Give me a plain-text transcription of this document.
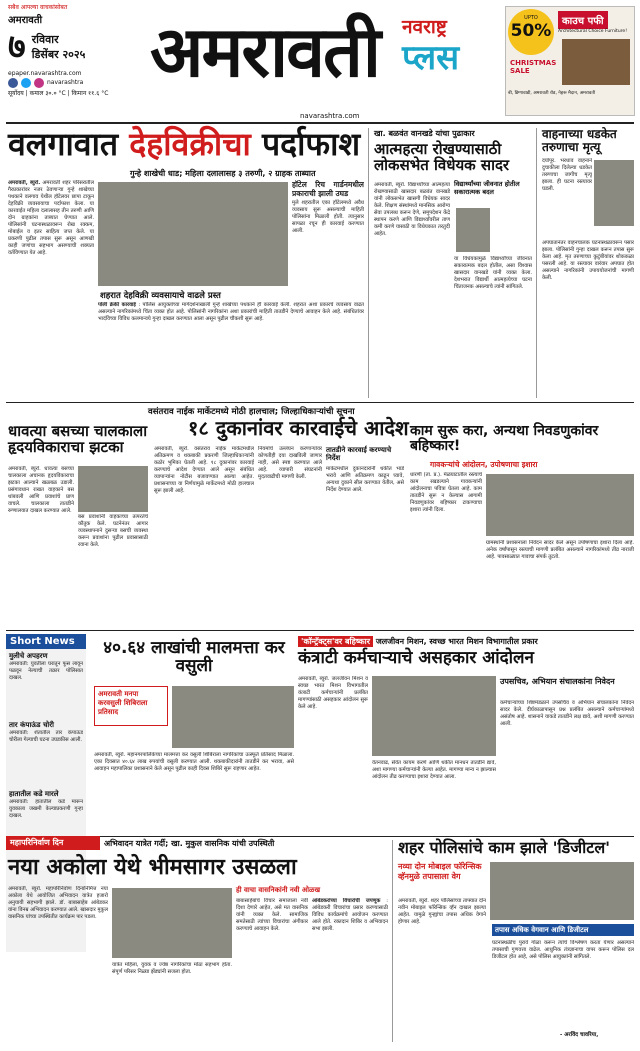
सबैव आपल्या वाचकांसोबत
अमरावती
७ रविवार
डिसेंबर २०२५
epaper.navarashtra.com
navarashtra
सूर्योदय | कमाल ३०.० °C | किमान ११.६ °C
अमरावती	नवराष्ट्र
प्लस
UPTO
50%	काउच पफी
Architectural Choice Furniture!
CHRISTMAS SALE
बी, डिग्गावाडी, अमरावती रोड, नेहरू मैदान, अमरावती
navarashtra.com
वलगावात देहविक्रीचा पर्दाफाश
गुन्हे शाखेची धाड; महिला दलालासह ३ तरुणी, २ ग्राहक ताब्यात
अमरावती, ब्युरो. अमरावती शहर परिसरातील गैरप्रकारांवर नजर ठेवणाऱ्या गुन्हे शाखेच्या पथकाने वलगाव येथील हॉटेलवर छापा टाकून देहविक्री व्यवसायाचा पर्दाफाश केला. या कारवाईत महिला दलालासह तीन तरुणी आणि दोन ग्राहकांना ताब्यात घेण्यात आले. पोलिसांनी घटनास्थळावरून रोख रक्कम, मोबाईल व इतर साहित्य जप्त केले. या प्रकरणी पुढील तपास सुरू असून आणखी काही जणांचा सहभाग असण्याची शक्यता वर्तविण्यात येत आहे.
हॉटेल रिच गार्डनमधील प्रकाराची झाली उघड
मुले शहरातील एका हॉटेलमध्ये अवैध व्यवसाय सुरू असल्याची माहिती पोलिसांना मिळाली होती. त्यानुसार सापळा रचून ही कारवाई करण्यात आली.
शहरात देहविक्री व्यवसायाचे वाढले प्रस्त
पोली क्रेकी कारवाई : पोलिस आयुक्तांच्या मार्गदर्शनाखाली गुन्हे शाखेच्या पथकाने ही कारवाई केली. शहरात अशा प्रकारचे व्यवसाय वाढत असल्याने नागरिकांमध्ये चिंता व्यक्त होत आहे. पोलिसांनी नागरिकांना अशा प्रकारांची माहिती तातडीने देण्याचे आवाहन केले आहे. संबंधितांवर भादंविच्या विविध कलमान्वये गुन्हा दाखल करण्यात आला असून पुढील चौकशी सुरू आहे.
खा. बळवंत वानखडे यांचा पुढाकार
आत्महत्या रोखण्यासाठी लोकसभेत विधेयक सादर
अमरावती, ब्युरो. विद्यार्थ्यांच्या आत्महत्या रोखण्यासाठी खासदार बळवंत वानखडे यांनी लोकसभेत खासगी विधेयक सादर केले. शिक्षण संस्थांमध्ये मानसिक आरोग्य सेवा उपलब्ध करून देणे, समुपदेशन केंद्रे स्थापन करणे आणि विद्यार्थ्यांवरील ताण कमी करणे यासाठी या विधेयकात तरतुदी आहेत.
विद्यार्थ्यांच्या जीवनात होतील सकारात्मक बदल
या विधेयकामुळे विद्यार्थ्यांच्या जीवनात सकारात्मक बदल होतील, असा विश्वास खासदार वानखडे यांनी व्यक्त केला. देशभरात विद्यार्थी आत्महत्येच्या घटना चिंताजनक असल्याचे त्यांनी सांगितले.
वाहनाच्या धडकेत तरुणाचा मृत्यू
दर्यापूर. भरधाव वाहनाने दुचाकीला दिलेल्या धडकेत तरुणाचा जागीच मृत्यू झाला. ही घटना रस्त्यावर घडली.
अपघातानंतर वाहनचालक घटनास्थळावरून पसार झाला. पोलिसांनी गुन्हा दाखल करून तपास सुरू केला आहे. मृत तरुणाच्या कुटुंबीयांवर शोककळा पसरली आहे. या रस्त्यावर वारंवार अपघात होत असल्याने नागरिकांनी उपाययोजनांची मागणी केली.
वसंतराव नाईक मार्केटमध्ये मोठी हालचाल; जिल्हाधिकाऱ्यांची सूचना
१८ दुकानांवर कारवाईचे आदेश
धावत्या बसच्या चालकाला हृदयविकाराचा झटका
अमरावती, ब्युरो. धावत्या बसच्या चालकाला अचानक हृदयविकाराचा झटका आल्याने खळबळ उडाली. प्रसंगावधान राखत वाहकाने बस थांबवली आणि प्रवाशांचे प्राण वाचले. चालकाला तातडीने रुग्णालयात दाखल करण्यात आले.
बस प्रवाशांनी वाहकाच्या तत्परतेचे कौतुक केले. घटनेनंतर आगार व्यवस्थापनाने दुसऱ्या बसची व्यवस्था करून प्रवाशांना पुढील प्रवासासाठी रवाना केले.
अमरावती, ब्युरो. वसंतराव नाईक मार्केटमधील अतिक्रमण व थकबाकी प्रकरणी जिल्हाधिकाऱ्यांनी कठोर भूमिका घेतली आहे. १८ दुकानांवर कारवाई करण्याचे आदेश देण्यात आले असून संबंधित व्यापाऱ्यांना नोटीस बजावण्यात आल्या आहेत. प्रशासनाच्या या निर्णयामुळे मार्केटमध्ये मोठी हालचाल सुरू झाली आहे.
नियमांचे उल्लंघन करणाऱ्यांवर कोणतीही दया दाखविली जाणार नाही, असे स्पष्ट करण्यात आले आहे. व्यापारी संघटनांनी मुदतवाढीची मागणी केली.
तातडीने कारवाई करण्याचे निर्देश
मार्केटमधील दुकानदारांनी थकीत भाडे भरावे आणि अतिक्रमण काढून घ्यावे, अन्यथा दुकाने सील करण्यात येतील, असे निर्देश देण्यात आले.
काम सुरू करा, अन्यथा निवडणुकांवर बहिष्कार!
गावकऱ्यांचे आंदोलन, उपोषणाचा इशारा
धारणी (ता. प्र.). मेळघाटातील रस्त्याचे काम रखडल्याने गावकऱ्यांनी आंदोलनाचा पवित्रा घेतला आहे. काम तातडीने सुरू न केल्यास आगामी निवडणुकांवर बहिष्कार टाकण्याचा इशारा त्यांनी दिला.
ग्रामस्थांनी प्रशासनाला निवेदन सादर केले असून उपोषणाचा इशारा दिला आहे. अनेक वर्षांपासून रस्त्याची मागणी प्रलंबित असल्याने नागरिकांमध्ये तीव्र नाराजी आहे. पावसाळ्यात गावाचा संपर्क तुटतो.
Short News
मुलीचे अपहरण
अमरावती: युवतीला घरातून फूस लावून पळवून नेल्याची तक्रार पोलिसात दाखल.
तार कंपाऊंड चोरी
अमरावती: शेतातील तार कंपाऊंड चोरीला गेल्याची घटना उघडकीस आली.
हातातील कडे मारले
अमरावती: हातातील कडे मारून युवकाला जखमी केल्याप्रकरणी गुन्हा दाखल.
४०.६४ लाखांची मालमत्ता कर वसुली
अमरावती मनपा करवसुली शिबिराला प्रतिसाद
अमरावती, ब्युरो. महानगरपालिकेच्या मालमत्ता कर वसुली शिबिराला नागरिकांचा उत्स्फूर्त प्रतिसाद मिळाला. एका दिवसात ४०.६४ लाख रुपयांची वसुली करण्यात आली. थकबाकीदारांनी तातडीने कर भरावा, असे आवाहन महापालिका प्रशासनाने केले असून पुढील काही दिवस शिबिरे सुरू राहणार आहेत.
'कॉन्ट्रॅक्ट्स'वर बहिष्कार जलजीवन मिशन, स्वच्छ भारत मिशन विभागातील प्रकार
कंत्राटी कर्मचाऱ्याचे असहकार आंदोलन
अमरावती, ब्युरो. जलजीवन मिशन व स्वच्छ भारत मिशन विभागातील कंत्राटी कर्मचाऱ्यांनी प्रलंबित मागण्यांसाठी असहकार आंदोलन सुरू केले आहे.
वेतनवाढ, सेवेत कायम करणे आणि थकीत मानधन तातडीने द्यावे, अशा मागण्या कर्मचाऱ्यांनी केल्या आहेत. मागण्या मान्य न झाल्यास आंदोलन तीव्र करण्याचा इशारा देण्यात आला.
उपसचिव, अभियान संचालकांना निवेदन
कर्मचाऱ्यांच्या शिष्टमंडळाने उपसचिव व अभियान संचालकांना निवेदन सादर केले. दीर्घकाळापासून प्रश्न प्रलंबित असल्याने कर्मचाऱ्यांमध्ये असंतोष आहे. शासनाने याकडे तातडीने लक्ष द्यावे, अशी मागणी करण्यात आली.
महापरिनिर्वाण दिन	अभिवादन यात्रेत गर्दी; खा. मुकुल वासनिक यांची उपस्थिती
नया अकोला येथे भीमसागर उसळला
अमरावती, ब्युरो. महापरिनिर्वाण दिनानिमित्त नया अकोला येथे आयोजित अभिवादन यात्रेत हजारो अनुयायी सहभागी झाले. डॉ. बाबासाहेब आंबेडकर यांना विनम्र अभिवादन करण्यात आले. खासदार मुकुल वासनिक यांच्या उपस्थितीत कार्यक्रम पार पडला.
यात्रेत महिला, युवक व ज्येष्ठ नागरिकांचा मोठा सहभाग होता. संपूर्ण परिसर निळ्या झेंड्यांनी सजला होता.
ही वाचा वासनिकांनी नवी ओळख
बाबासाहेबांचे विचार समाजाला नवी दिशा देणारे आहेत, असे मत वासनिक यांनी व्यक्त केले. सामाजिक समतेसाठी त्यांच्या विचारांचा अंगीकार करण्याचे आवाहन केले.
आंबेडकरांच्या विचारांची जपणूक : आंबेडकरी विचारांचा प्रसार करण्यासाठी विविध कार्यक्रमांचे आयोजन करण्यात आले होते. रक्तदान शिबिर व अभिवादन सभा झाली.
शहर पोलिसांचे काम झाले 'डिजीटल'
नव्या दोन मोबाइल फॉरेन्सिक व्हॅनमुळे तपासाला वेग
अमरावती, ब्युरो. शहर पोलिसांच्या ताफ्यात दोन नवीन मोबाइल फॉरेन्सिक व्हॅन दाखल झाल्या आहेत. यामुळे गुन्ह्यांचा तपास अधिक वेगाने होणार आहे.
तपास अधिक वेगवान आणि डिजीटल
घटनास्थळीच पुरावे गोळा करून त्यांचे विश्लेषण करता येणार असल्याने तपासाची गुणवत्ता वाढेल. आधुनिक तंत्रज्ञानाचा वापर करून पोलिस दल डिजीटल होत आहे, असे पोलिस आयुक्तांनी सांगितले.
- अरविंद चावरिया,
